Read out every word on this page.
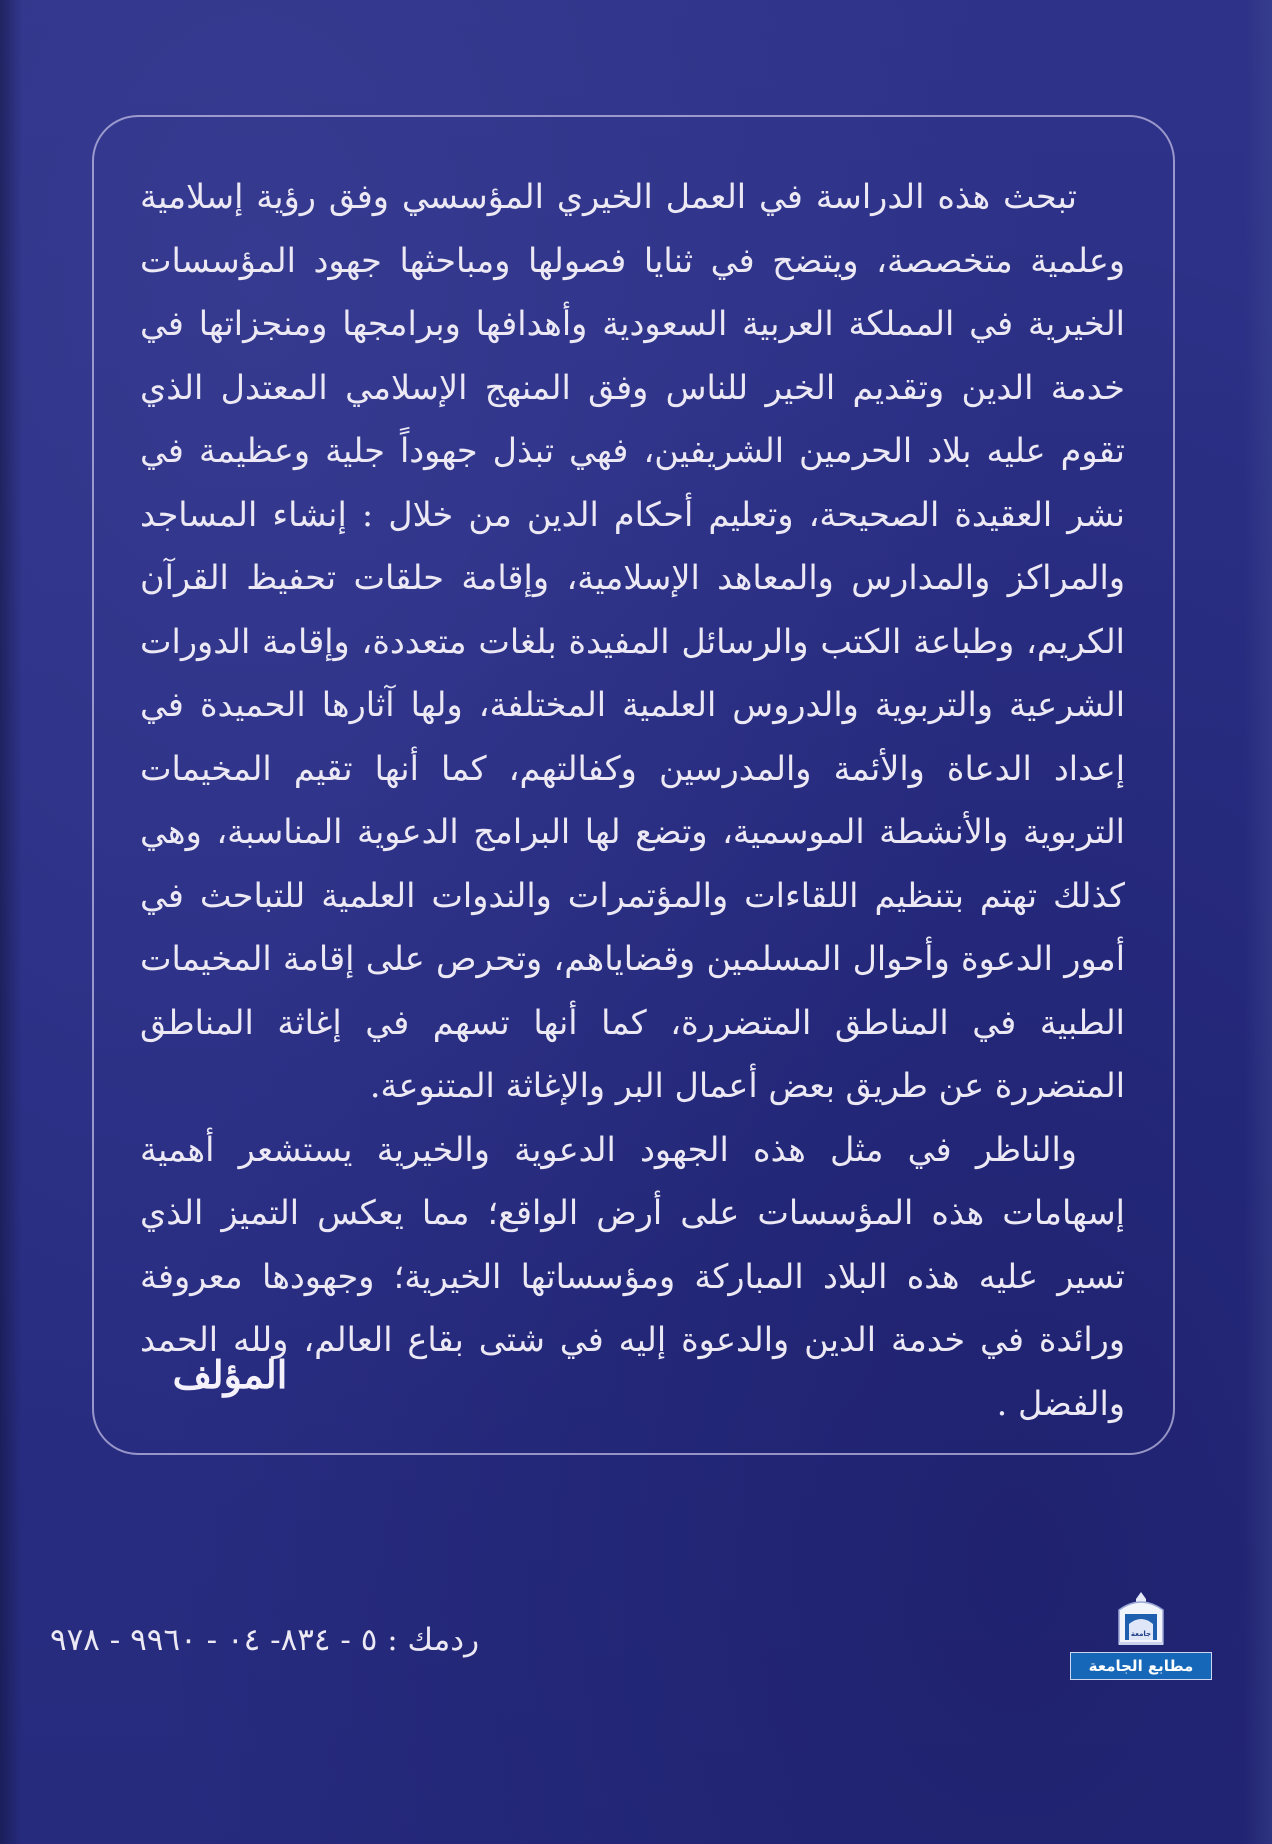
تبحث هذه الدراسة في العمل الخيري المؤسسي وفق رؤية إسلامية وعلمية متخصصة، ويتضح في ثنايا فصولها ومباحثها جهود المؤسسات الخيرية في المملكة العربية السعودية وأهدافها وبرامجها ومنجزاتها في خدمة الدين وتقديم الخير للناس وفق المنهج الإسلامي المعتدل الذي تقوم عليه بلاد الحرمين الشريفين، فهي تبذل جهوداً جلية وعظيمة في نشر العقيدة الصحيحة، وتعليم أحكام الدين من خلال : إنشاء المساجد والمراكز والمدارس والمعاهد الإسلامية، وإقامة حلقات تحفيظ القرآن الكريم، وطباعة الكتب والرسائل المفيدة بلغات متعددة، وإقامة الدورات الشرعية والتربوية والدروس العلمية المختلفة، ولها آثارها الحميدة في إعداد الدعاة والأئمة والمدرسين وكفالتهم، كما أنها تقيم المخيمات التربوية والأنشطة الموسمية، وتضع لها البرامج الدعوية المناسبة، وهي كذلك تهتم بتنظيم اللقاءات والمؤتمرات والندوات العلمية للتباحث في أمور الدعوة وأحوال المسلمين وقضاياهم، وتحرص على إقامة المخيمات الطبية في المناطق المتضررة، كما أنها تسهم في إغاثة المناطق المتضررة عن طريق بعض أعمال البر والإغاثة المتنوعة.

والناظر في مثل هذه الجهود الدعوية والخيرية يستشعر أهمية إسهامات هذه المؤسسات على أرض الواقع؛ مما يعكس التميز الذي تسير عليه هذه البلاد المباركة ومؤسساتها الخيرية؛ وجهودها معروفة ورائدة في خدمة الدين والدعوة إليه في شتى بقاع العالم، ولله الحمد والفضل .

المؤلف
ردمك : ٥ - ٨٣٤- ٠٤ - ٩٩٦٠ - ٩٧٨	جامعة
مطابع الجامعة
